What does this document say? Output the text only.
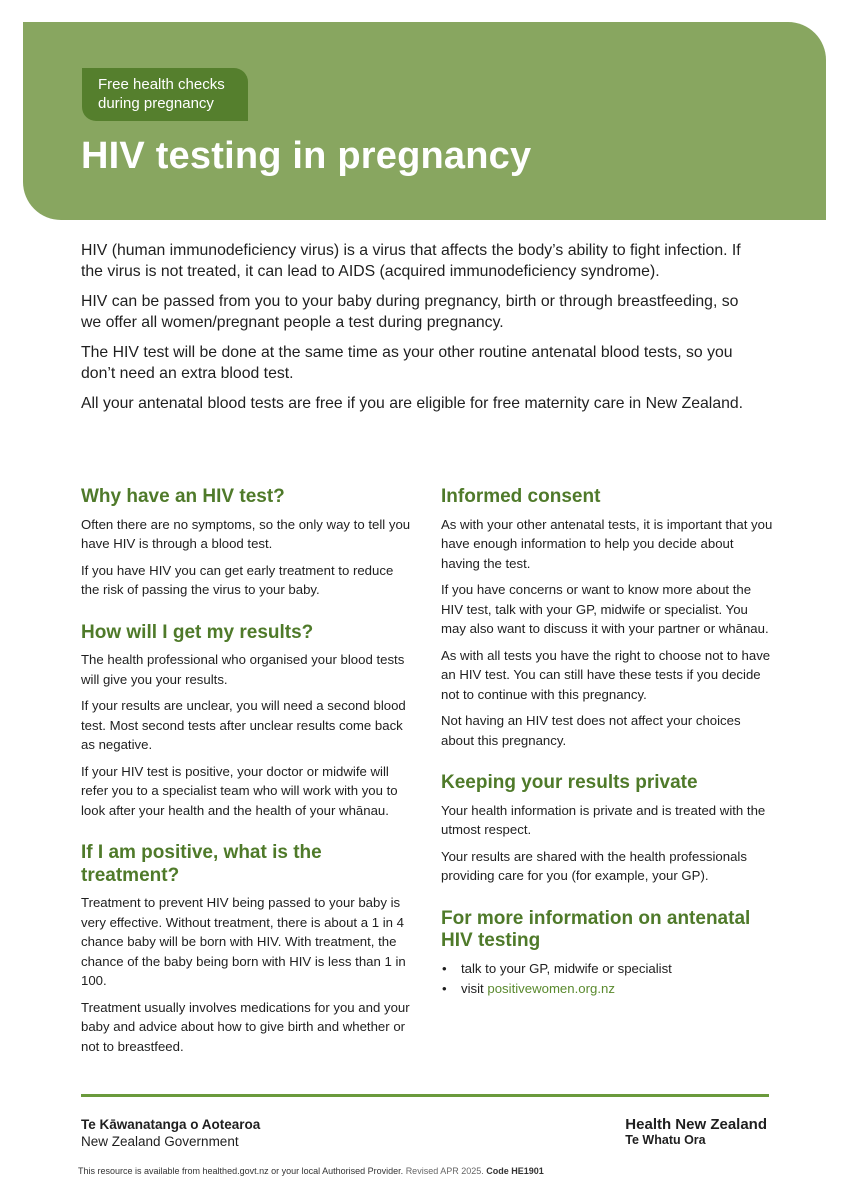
Free health checks
during pregnancy
HIV testing in pregnancy

HIV (human immunodeficiency virus) is a virus that affects the body’s ability to fight infection. If the virus is not treated, it can lead to AIDS (acquired immunodeficiency syndrome).

HIV can be passed from you to your baby during pregnancy, birth or through breastfeeding, so we offer all women/pregnant people a test during pregnancy.

The HIV test will be done at the same time as your other routine antenatal blood tests, so you don’t need an extra blood test.

All your antenatal blood tests are free if you are eligible for free maternity care in New Zealand.

Why have an HIV test?

Often there are no symptoms, so the only way to tell you have HIV is through a blood test.

If you have HIV you can get early treatment to reduce the risk of passing the virus to your baby.

How will I get my results?

The health professional who organised your blood tests will give you your results.

If your results are unclear, you will need a second blood test. Most second tests after unclear results come back as negative.

If your HIV test is positive, your doctor or midwife will refer you to a specialist team who will work with you to look after your health and the health of your whānau.

If I am positive, what is the treatment?

Treatment to prevent HIV being passed to your baby is very effective. Without treatment, there is about a 1 in 4 chance baby will be born with HIV. With treatment, the chance of the baby being born with HIV is less than 1 in 100.

Treatment usually involves medications for you and your baby and advice about how to give birth and whether or not to breastfeed.

Informed consent

As with your other antenatal tests, it is important that you have enough information to help you decide about having the test.

If you have concerns or want to know more about the HIV test, talk with your GP, midwife or specialist. You may also want to discuss it with your partner or whānau.

As with all tests you have the right to choose not to have an HIV test. You can still have these tests if you decide not to continue with this pregnancy.

Not having an HIV test does not affect your choices about this pregnancy.

Keeping your results private

Your health information is private and is treated with the utmost respect.

Your results are shared with the health professionals providing care for you (for example, your GP).

For more information on antenatal HIV testing
• talk to your GP, midwife or specialist
• visit positivewomen.org.nz
Te Kāwanatanga o Aotearoa
New Zealand Government
Health New Zealand
Te Whatu Ora
This resource is available from healthed.govt.nz or your local Authorised Provider. Revised APR 2025. Code HE1901
